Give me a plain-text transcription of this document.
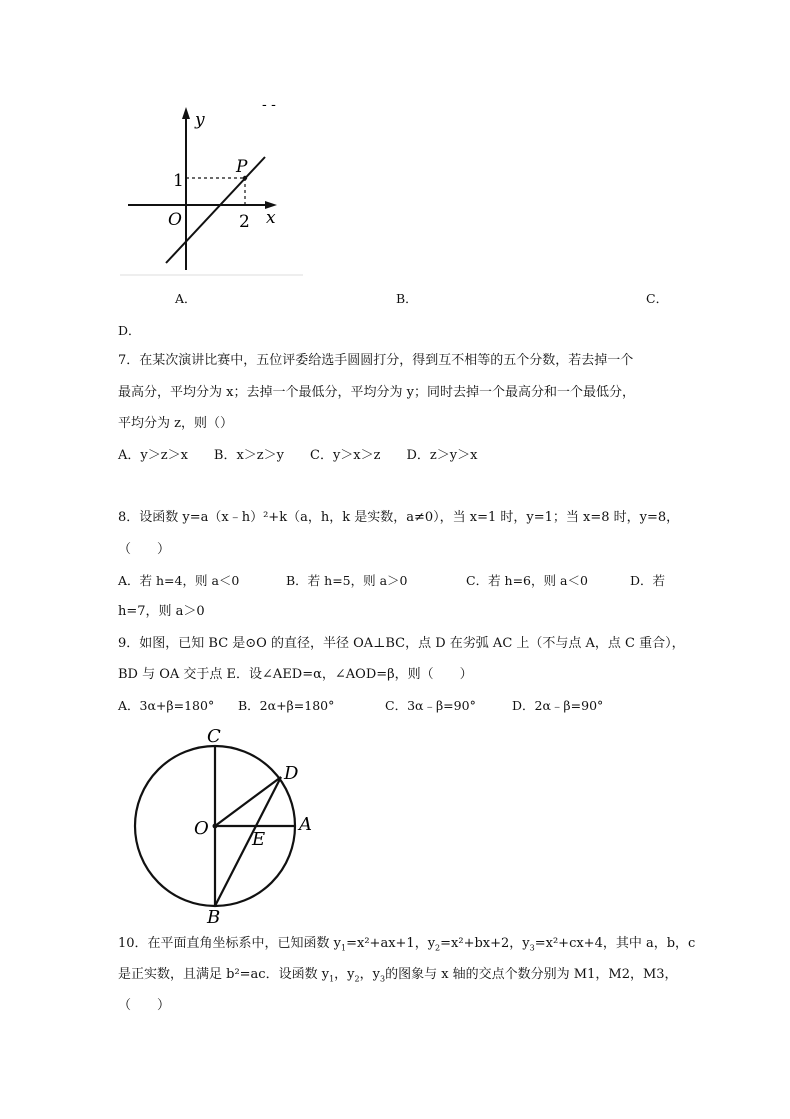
- -
y
x
P
1
2
O
A．	B．	C．
D．
7．在某次演讲比赛中，五位评委给选手圆圆打分，得到互不相等的五个分数，若去掉一个
最高分，平均分为 x；去掉一个最低分，平均分为 y；同时去掉一个最高分和一个最低分，
平均分为 z，则（）
A．y＞z＞x　　B．x＞z＞y　　C．y＞x＞z　　D．z＞y＞x
8．设函数 y=a（x﹣h）²+k（a，h，k 是实数，a≠0），当 x=1 时，y=1；当 x=8 时，y=8，
（　　）
A．若 h=4，则 a＜0	B．若 h=5，则 a＞0	C．若 h=6，则 a＜0	D．若
h=7，则 a＞0
9．如图，已知 BC 是⊙O 的直径，半径 OA⊥BC，点 D 在劣弧 AC 上（不与点 A，点 C 重合），
BD 与 OA 交于点 E．设∠AED=α，∠AOD=β，则（　　）
A．3α+β=180° B．2α+β=180°	C．3α﹣β=90°	D．2α﹣β=90°
C
D
O
E
A
B
10．在平面直角坐标系中，已知函数 $y_1=x^2+ax+1$，$y_2=x^2+bx+2$，$y_3=x^2+cx+4$，其中 a，b，c
是正实数，且满足 b²=ac．设函数 $y_1$，$y_2$，$y_3$的图象与 x 轴的交点个数分别为 M1，M2，M3，
（　　）
